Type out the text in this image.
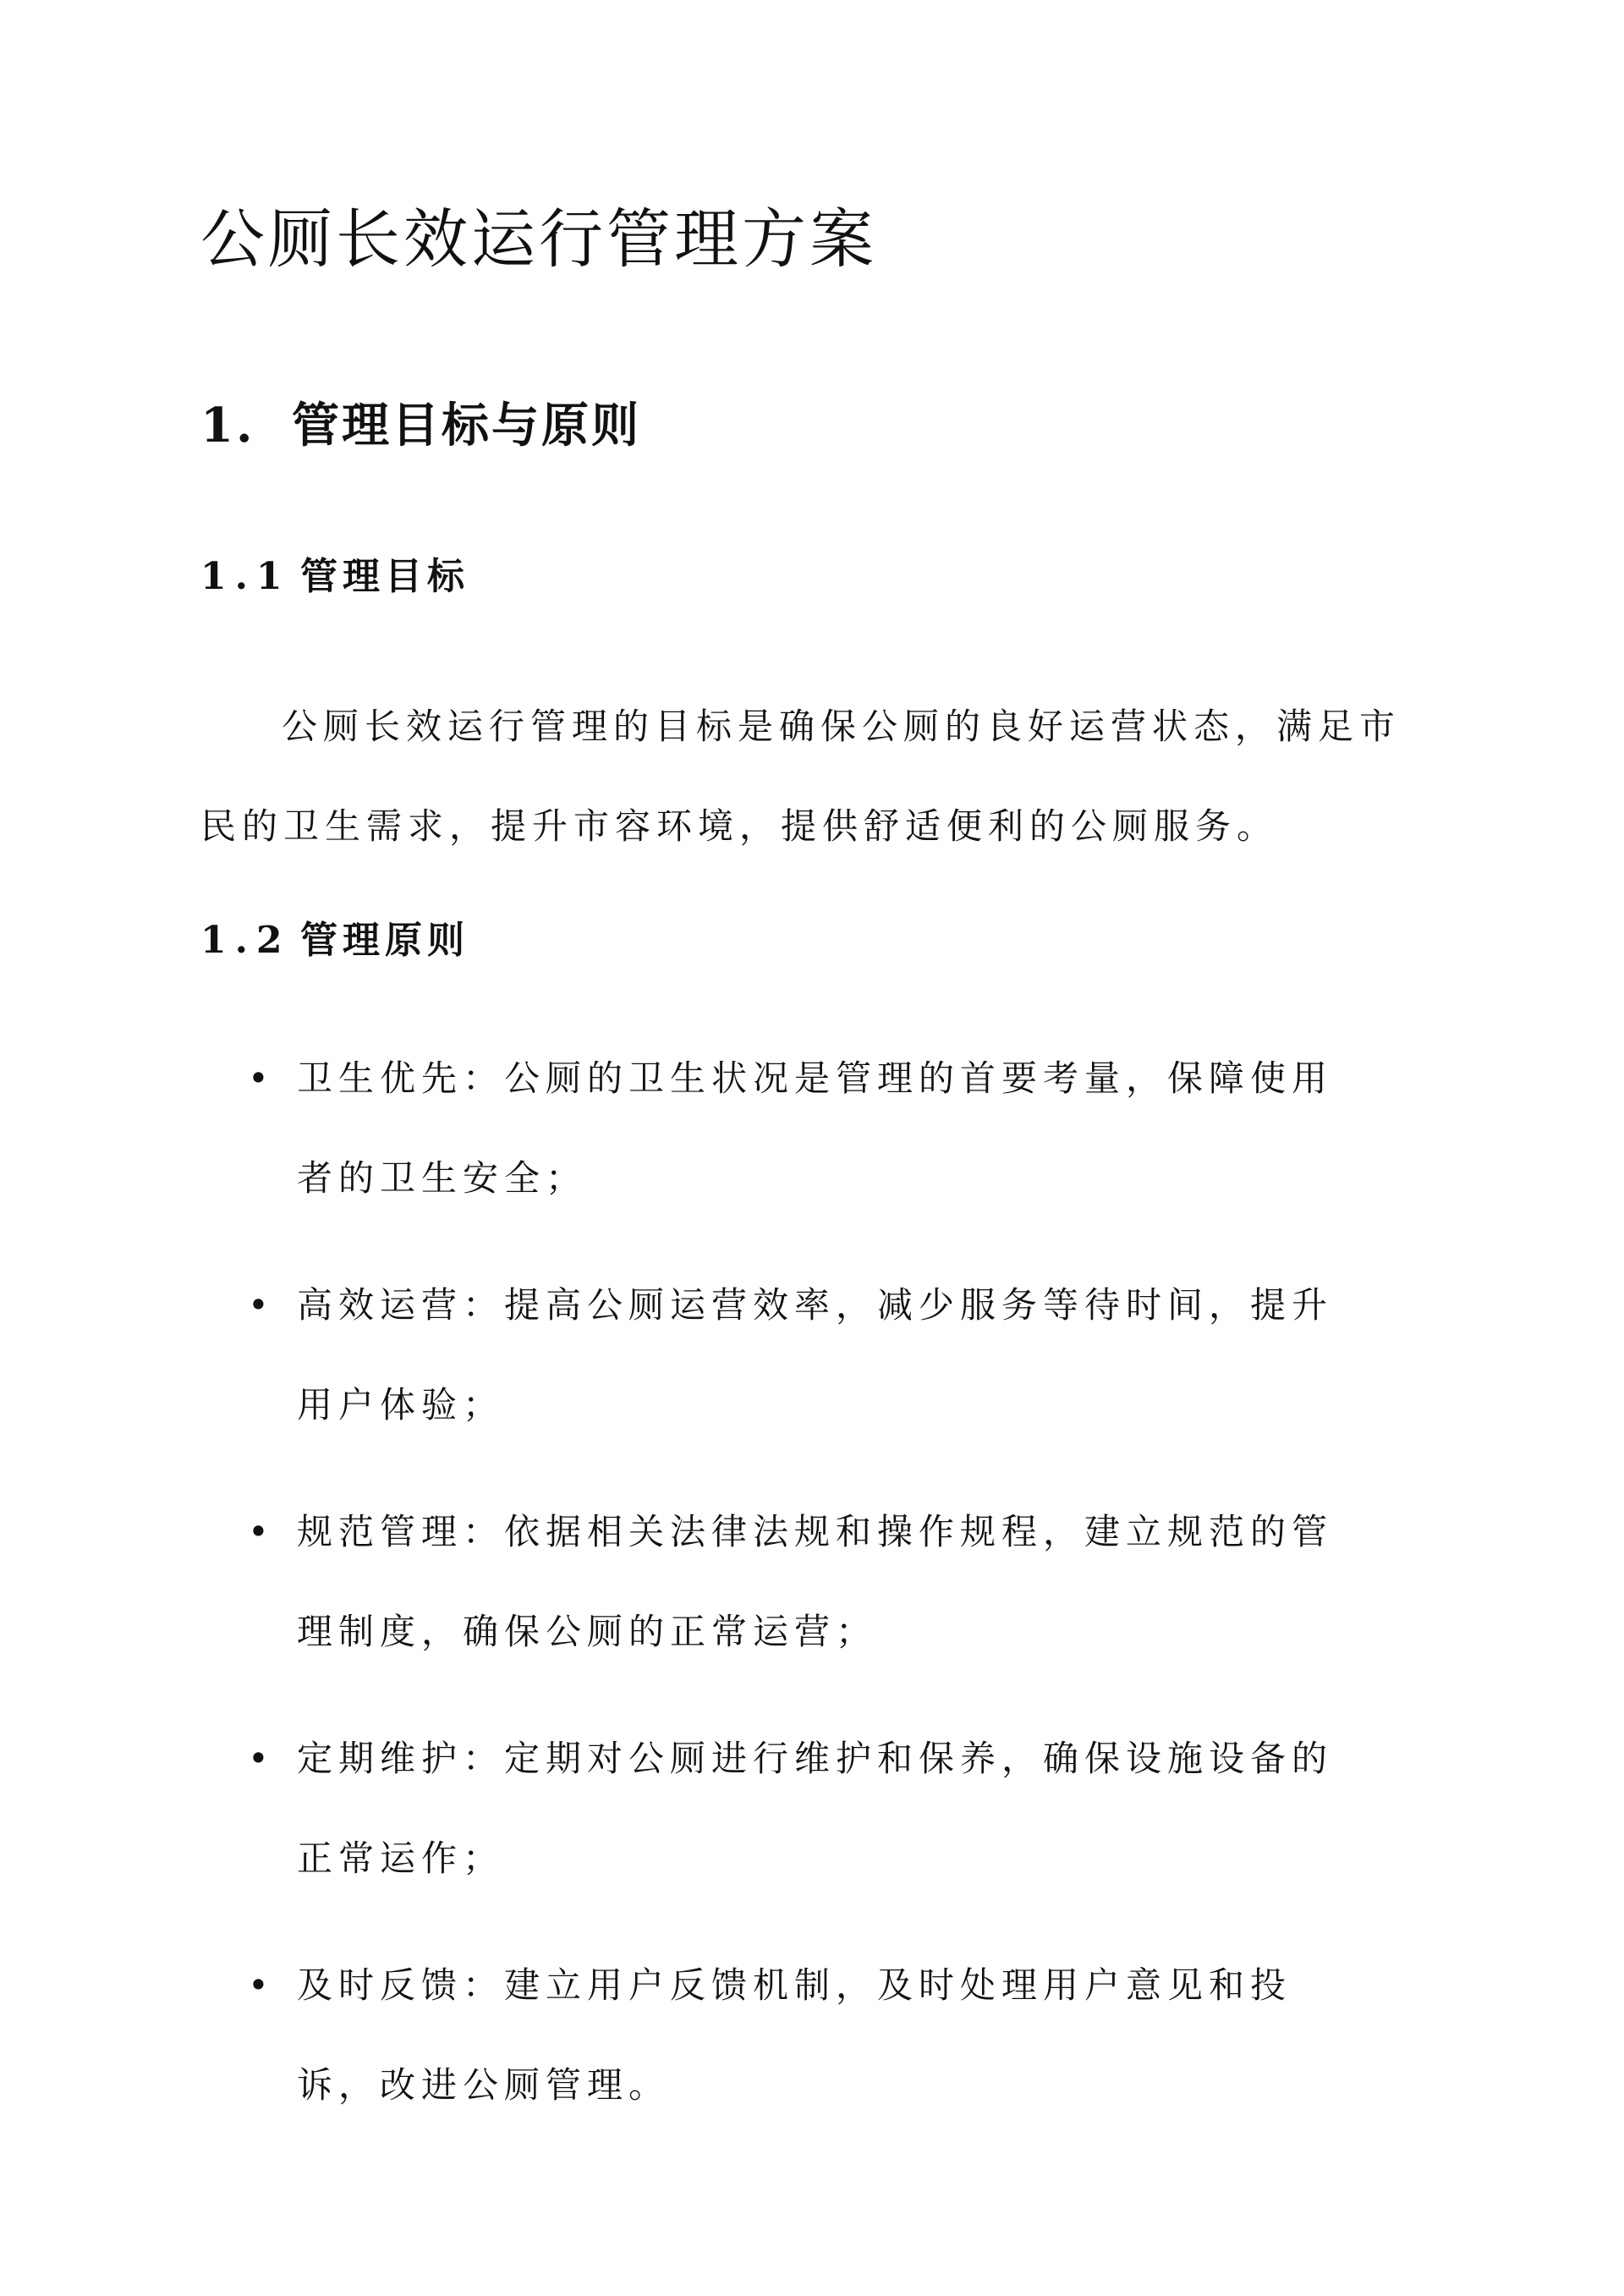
公厕长效运行管理方案
1. 管理目标与原则
1.1 管理目标

公厕长效运行管理的目标是确保公厕的良好运营状态，满足市民的卫生需求，提升市容环境，提供舒适便利的公厕服务。

1.2 管理原则
• 卫生优先：公厕的卫生状况是管理的首要考量，保障使用者的卫生安全；
• 高效运营：提高公厕运营效率，减少服务等待时间，提升用户体验；
• 规范管理：依据相关法律法规和操作规程，建立规范的管理制度，确保公厕的正常运营；
• 定期维护：定期对公厕进行维护和保养，确保设施设备的正常运作；
• 及时反馈：建立用户反馈机制，及时处理用户意见和投诉，改进公厕管理。
